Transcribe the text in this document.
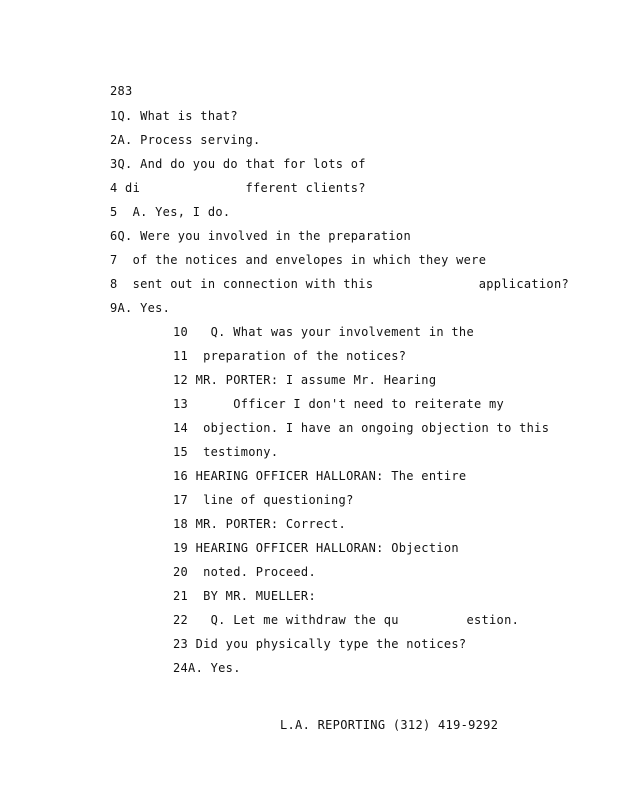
283
1Q. What is that?
2A. Process serving.
3Q. And do you do that for lots of
4 di              fferent clients?
5  A. Yes, I do.
6Q. Were you involved in the preparation
7  of the notices and envelopes in which they were
8  sent out in connection with this              application?
9A. Yes.
10   Q. What was your involvement in the
11  preparation of the notices?
12 MR. PORTER: I assume Mr. Hearing
13      Officer I don't need to reiterate my
14  objection. I have an ongoing objection to this
15  testimony.
16 HEARING OFFICER HALLORAN: The entire
17  line of questioning?
18 MR. PORTER: Correct.
19 HEARING OFFICER HALLORAN: Objection
20  noted. Proceed.
21  BY MR. MUELLER:
22   Q. Let me withdraw the qu         estion.
23 Did you physically type the notices?
24A. Yes.
L.A. REPORTING (312) 419-9292
